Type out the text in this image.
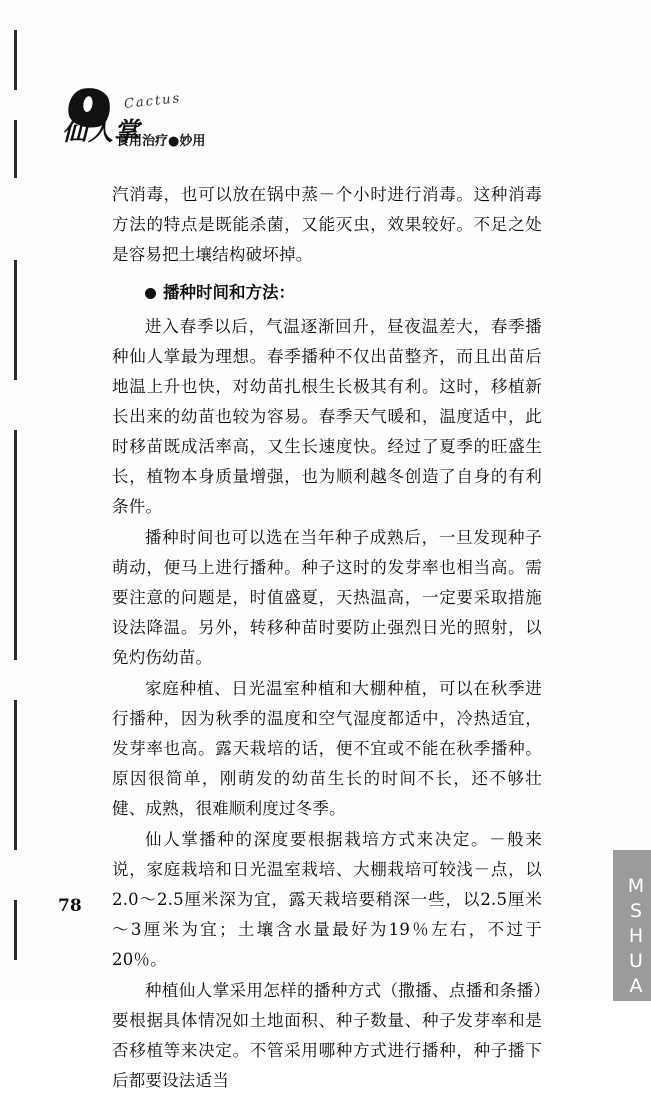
Cactus
仙人掌
食用治疗●妙用

汽消毒，也可以放在锅中蒸－个小时进行消毒。这种消毒方法的特点是既能杀菌，又能灭虫，效果较好。不足之处是容易把土壤结构破坏掉。

播种时间和方法：

进入春季以后，气温逐渐回升，昼夜温差大，春季播种仙人掌最为理想。春季播种不仅出苗整齐，而且出苗后地温上升也快，对幼苗扎根生长极其有利。这时，移植新长出来的幼苗也较为容易。春季天气暖和，温度适中，此时移苗既成活率高，又生长速度快。经过了夏季的旺盛生长，植物本身质量增强，也为顺利越冬创造了自身的有利条件。

播种时间也可以选在当年种子成熟后，一旦发现种子萌动，便马上进行播种。种子这时的发芽率也相当高。需要注意的问题是，时值盛夏，天热温高，一定要采取措施设法降温。另外，转移种苗时要防止强烈日光的照射，以免灼伤幼苗。

家庭种植、日光温室种植和大棚种植，可以在秋季进行播种，因为秋季的温度和空气湿度都适中，冷热适宜，发芽率也高。露天栽培的话，便不宜或不能在秋季播种。原因很简单，刚萌发的幼苗生长的时间不长，还不够壮健、成熟，很难顺利度过冬季。

仙人掌播种的深度要根据栽培方式来决定。－般来说，家庭栽培和日光温室栽培、大棚栽培可较浅－点，以2.0～2.5厘米深为宜，露天栽培要稍深一些，以2.5厘米～3厘米为宜；土壤含水量最好为19％左右，不过于20％。

种植仙人掌采用怎样的播种方式（撒播、点播和条播）要根据具体情况如土地面积、种子数量、种子发芽率和是否移植等来决定。不管采用哪种方式进行播种，种子播下后都要设法适当

78	MSHUA
